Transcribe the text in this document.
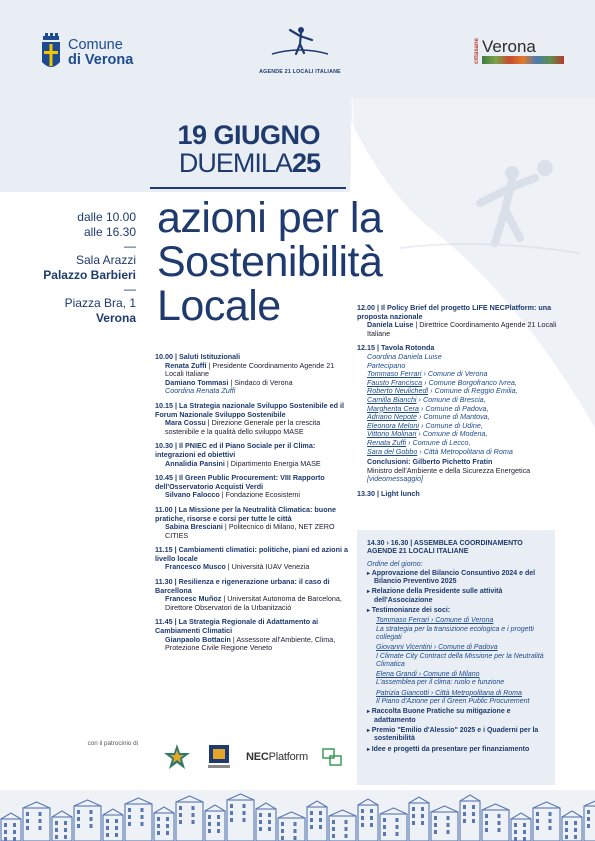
Comune
di Verona
AGENDE 21 LOCALI ITALIANE
cittàsane Verona
19 GIUGNO
DUEMILA25
azioni per la
Sostenibilità
Locale
dalle 10.00
alle 16.30
—
Sala Arazzi
Palazzo Barbieri
—
Piazza Bra, 1
Verona
10.00 | Saluti Istituzionali
Renata Zuffi | Presidente Coordinamento Agende 21 Locali Italiane
Damiano Tommasi | Sindaco di Verona
Coordina Renata Zuffi
10.15 | La Strategia nazionale Sviluppo Sostenibile ed il Forum Nazionale Sviluppo Sostenibile
Mara Cossu | Direzione Generale per la crescita sostenibile e la qualità dello sviluppo MASE
10.30 | Il PNIEC ed il Piano Sociale per il Clima: integrazioni ed obiettivi
Annalidia Pansini | Dipartimento Energia MASE
10.45 | Il Green Public Procurement: VIII Rapporto dell'Osservatorio Acquisti Verdi
Silvano Falocco | Fondazione Ecosistemi
11.00 | La Missione per la Neutralità Climatica: buone pratiche, risorse e corsi per tutte le città
Sabina Bresciani | Politecnico di Milano, NET ZERO CITIES
11.15 | Cambiamenti climatici: politiche, piani ed azioni a livello locale
Francesco Musco | Università IUAV Venezia
11.30 | Resilienza e rigenerazione urbana: il caso di Barcellona
Francesc Muñoz | Universitat Autonoma de Barcelona, Direttore Observatori de la Urbanització
11.45 | La Strategia Regionale di Adattamento ai Cambiamenti Climatici
Gianpaolo Bottacin | Assessore all'Ambiente, Clima, Protezione Civile Regione Veneto
12.00 | Il Policy Brief del progetto LIFE NECPlatform: una proposta nazionale
Daniela Luise | Direttrice Coordinamento Agende 21 Locali Italiane
12.15 | Tavola Rotonda
Coordina Daniela Luise
Partecipano
Tommaso Ferrari › Comune di Verona
Fausto Francisca › Comune Borgofranco Ivrea,
Roberto Neulichedl › Comune di Reggio Emilia,
Camilla Bianchi › Comune di Brescia,
Margherita Cera › Comune di Padova,
Adriano Nepote › Comune di Mantova,
Eleonora Meloni › Comune di Udine,
Vittorio Molinari › Comune di Modena,
Renata Zuffi › Comune di Lecco,
Sara del Gobbo › Città Metropolitana di Roma
Conclusioni: Gilberto Pichetto Fratin
Ministro dell'Ambiente e della Sicurezza Energetica [videomessaggio]
13.30 | Light lunch
14.30 › 16.30 | ASSEMBLEA COORDINAMENTO AGENDE 21 LOCALI ITALIANE
Ordine del giorno:
▸ Approvazione del Bilancio Consuntivo 2024 e del Bilancio Preventivo 2025
▸ Relazione della Presidente sulle attività dell'Associazione
▸ Testimonianze dei soci:
Tommaso Ferrari › Comune di Verona
La strategia per la transizione ecologica e i progetti collegati
Giovanni Vicentini › Comune di Padova
I Climate City Contract della Missione per la Neutralità Climatica
Elena Grandi › Comune di Milano
L'assemblea per il clima: ruolo e funzione
Patrizia Giancotti › Città Metropolitana di Roma
Il Piano d'Azione per il Green Public Procurement
▸ Raccolta Buone Pratiche su mitigazione e adattamento
▸ Premio "Emilio d'Alessio" 2025 e i Quaderni per la sostenibilità
▸ Idee e progetti da presentare per finanziamento
con il patrocinio di
NECPlatform
